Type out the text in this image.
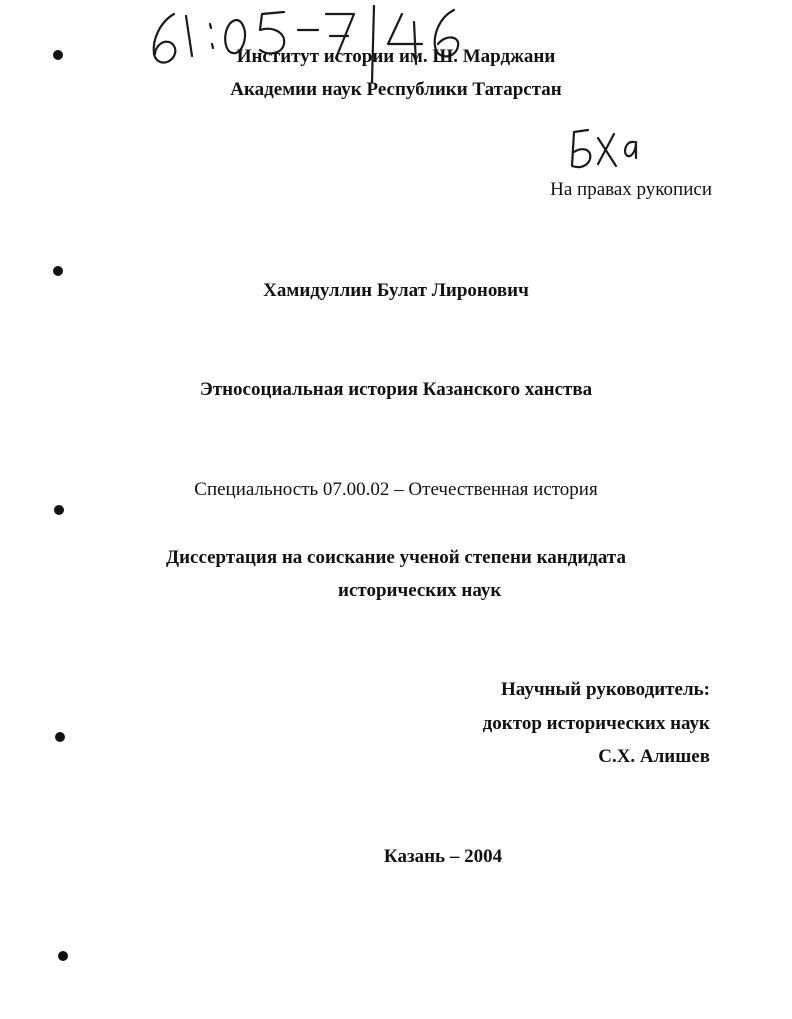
Институт истории им. Ш. Марджани
Академии наук Республики Татарстан
На правах рукописи
Хамидуллин Булат Лиронович
Этносоциальная история Казанского ханства
Специальность 07.00.02 – Отечественная история
Диссертация на соискание ученой степени кандидата
исторических наук
Научный руководитель:
доктор исторических наук
С.Х. Алишев
Казань – 2004
